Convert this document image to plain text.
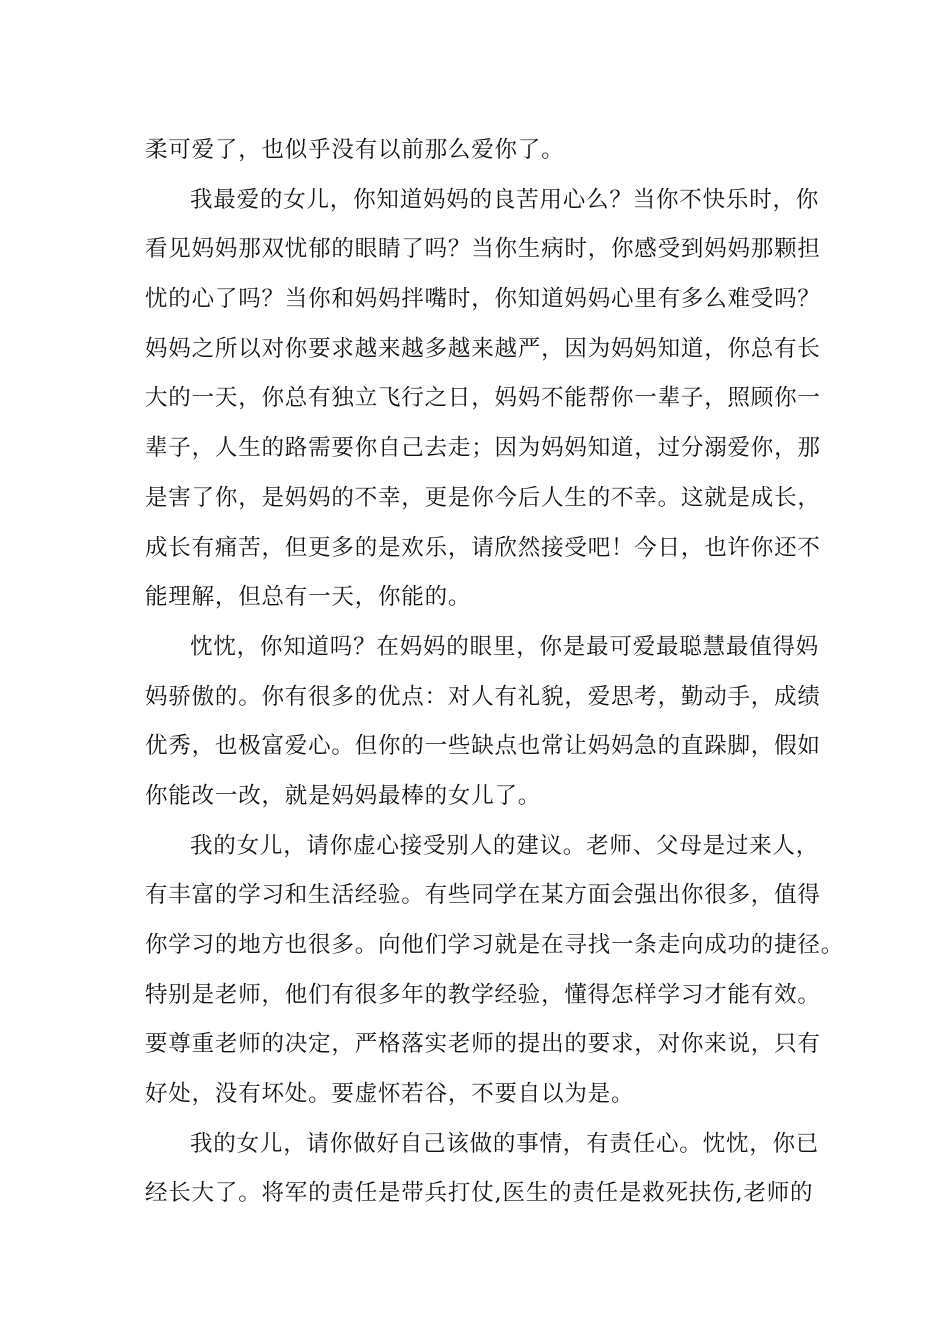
柔可爱了，也似乎没有以前那么爱你了。
我最爱的女儿，你知道妈妈的良苦用心么？当你不快乐时，你
看见妈妈那双忧郁的眼睛了吗？当你生病时，你感受到妈妈那颗担
忧的心了吗？当你和妈妈拌嘴时，你知道妈妈心里有多么难受吗？
妈妈之所以对你要求越来越多越来越严，因为妈妈知道，你总有长
大的一天，你总有独立飞行之日，妈妈不能帮你一辈子，照顾你一
辈子，人生的路需要你自己去走；因为妈妈知道，过分溺爱你，那
是害了你，是妈妈的不幸，更是你今后人生的不幸。这就是成长，
成长有痛苦，但更多的是欢乐，请欣然接受吧！今日，也许你还不
能理解，但总有一天，你能的。
忱忱，你知道吗？在妈妈的眼里，你是最可爱最聪慧最值得妈
妈骄傲的。你有很多的优点：对人有礼貌，爱思考，勤动手，成绩
优秀，也极富爱心。但你的一些缺点也常让妈妈急的直跺脚，假如
你能改一改，就是妈妈最棒的女儿了。
我的女儿，请你虚心接受别人的建议。老师、父母是过来人，
有丰富的学习和生活经验。有些同学在某方面会强出你很多，值得
你学习的地方也很多。向他们学习就是在寻找一条走向成功的捷径。
特别是老师，他们有很多年的教学经验，懂得怎样学习才能有效。
要尊重老师的决定，严格落实老师的提出的要求，对你来说，只有
好处，没有坏处。要虚怀若谷，不要自以为是。
我的女儿，请你做好自己该做的事情，有责任心。忱忱，你已
经长大了。将军的责任是带兵打仗,医生的责任是救死扶伤,老师的
